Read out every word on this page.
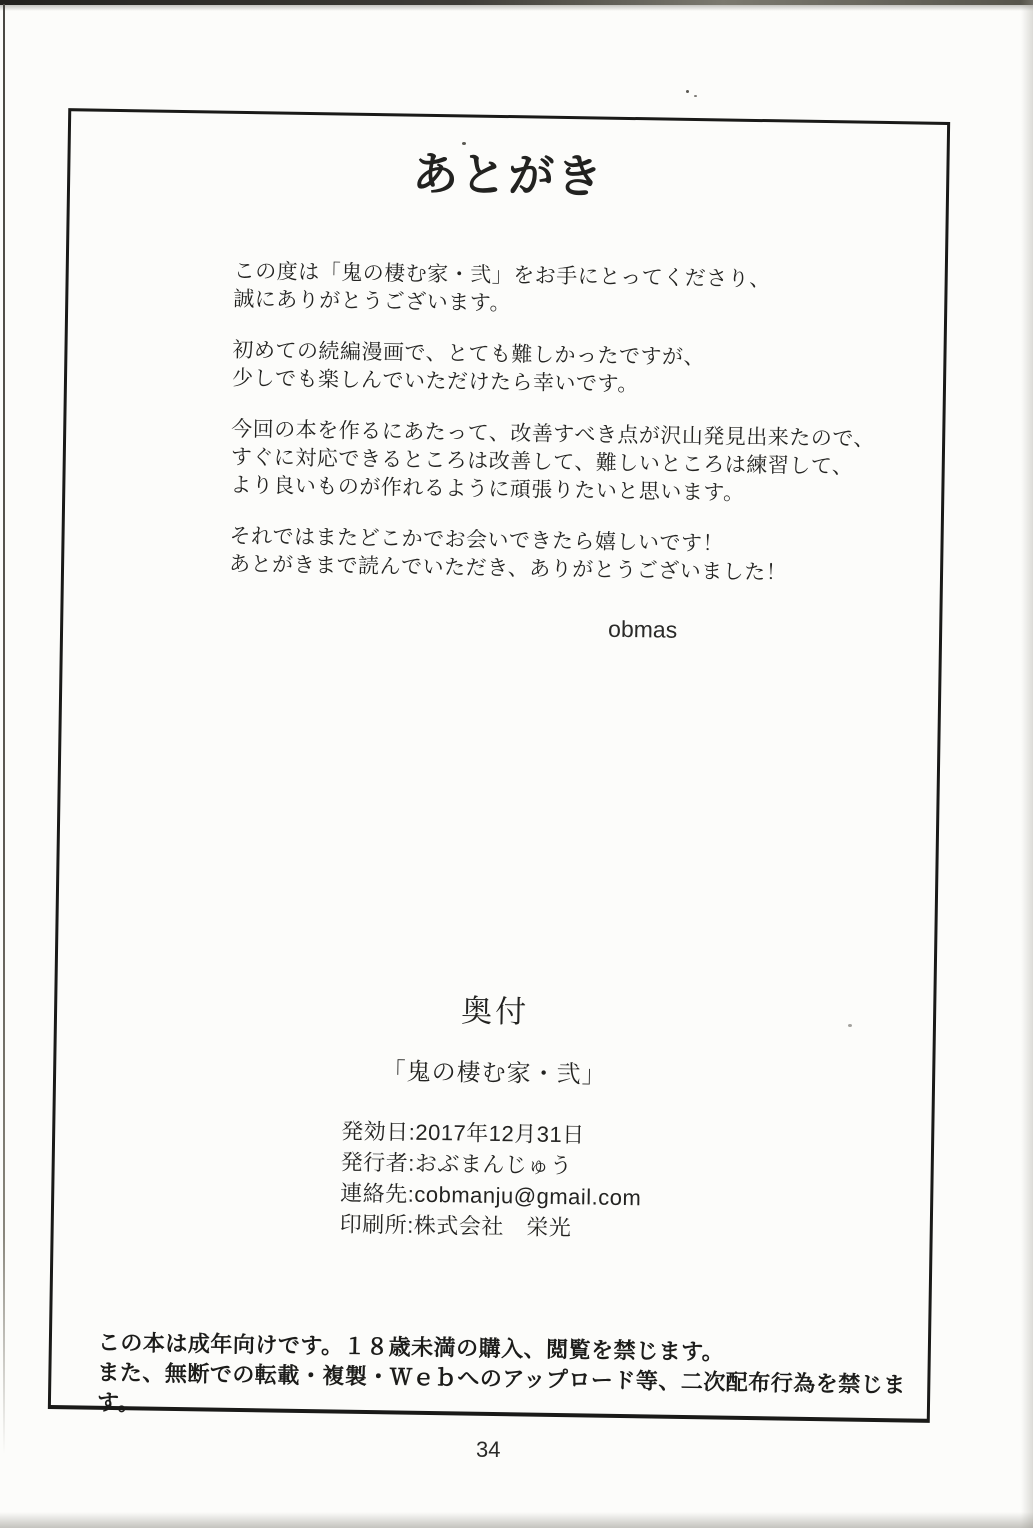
あとがき

この度は「鬼の棲む家・弐」をお手にとってくださり、
誠にありがとうございます。

初めての続編漫画で、とても難しかったですが、
少しでも楽しんでいただけたら幸いです。

今回の本を作るにあたって、改善すべき点が沢山発見出来たので、
すぐに対応できるところは改善して、難しいところは練習して、
より良いものが作れるように頑張りたいと思います。

それではまたどこかでお会いできたら嬉しいです！
あとがきまで読んでいただき、ありがとうございました！

obmas
奥付
「鬼の棲む家・弐」
発効日:2017年12月31日
発行者:おぶまんじゅう
連絡先:cobmanju@gmail.com
印刷所:株式会社　栄光
この本は成年向けです。１８歳未満の購入、閲覧を禁じます。
また、無断での転載・複製・Ｗｅｂへのアップロード等、二次配布行為を禁じます。
34
